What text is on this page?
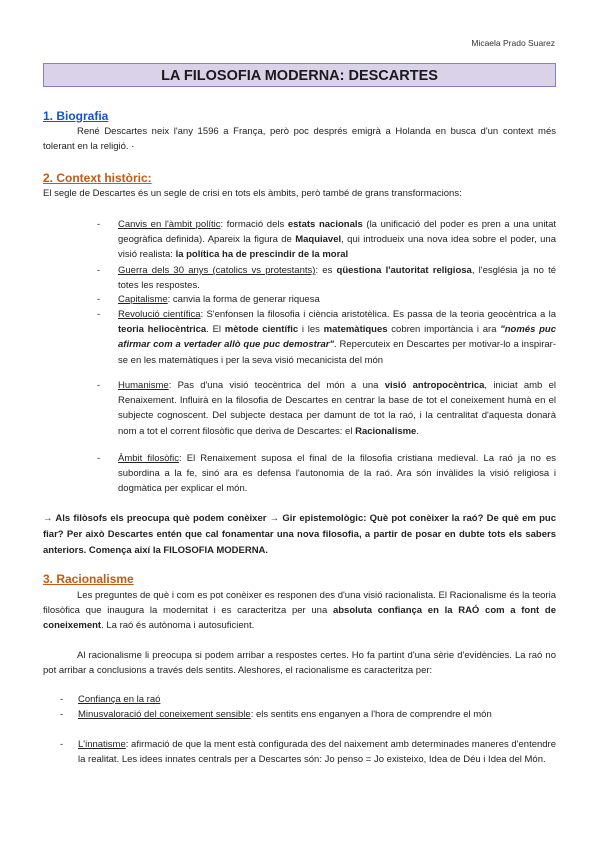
Micaela Prado Suarez
LA FILOSOFIA MODERNA: DESCARTES
1. Biografia

René Descartes neix l'any 1596 a França, però poc després emigrà a Holanda en busca d'un context més tolerant en la religió. ·

2. Context històric:

El segle de Descartes és un segle de crisi en tots els àmbits, però també de grans transformacions:

- Canvis en l'àmbit polític: formació dels estats nacionals (la unificació del poder es pren a una unitat geogràfica definida). Apareix la figura de Maquiavel, qui introdueix una nova idea sobre el poder, una visió realista: la política ha de prescindir de la moral
- Guerra dels 30 anys (catolics vs protestants): es qüestiona l'autoritat religiosa, l'església ja no té totes les respostes.
- Capitalisme: canvia la forma de generar riquesa
- Revolució científica: S'enfonsen la filosofia i ciència aristotèlica. Es passa de la teoria geocèntrica a la teoria heliocèntrica. El mètode científic i les matemàtiques cobren importància i ara "només puc afirmar com a vertader allò que puc demostrar". Repercuteix en Descartes per motivar-lo a inspirar-se en les matemàtiques i per la seva visió mecanicista del món
- Humanisme: Pas d'una visió teocèntrica del món a una visió antropocèntrica, iniciat amb el Renaixement. Influirà en la filosofia de Descartes en centrar la base de tot el coneixement humà en el subjecte cognoscent. Del subjecte destaca per damunt de tot la raó, i la centralitat d'aquesta donarà nom a tot el corrent filosòfic que deriva de Descartes: el Racionalisme.
- Àmbit filosòfic: El Renaixement suposa el final de la filosofia cristiana medieval. La raó ja no es subordina a la fe, sinó ara es defensa l'autonomia de la raó. Ara són invàlides la visió religiosa i dogmàtica per explicar el món.

→ Als filòsofs els preocupa què podem conèixer → Gir epistemològic: Què pot conèixer la raó? De què em puc fiar? Per això Descartes entén que cal fonamentar una nova filosofia, a partir de posar en dubte tots els sabers anteriors. Comença així la FILOSOFIA MODERNA.

3. Racionalisme
Les preguntes de què i com es pot conèixer es responen des d'una visió racionalista. El Racionalisme és la teoria filosòfica que inaugura la modernitat i es caracteritza per una absoluta confiança en la RAÓ com a font de coneixement. La raó és autònoma i autosuficient.

Al racionalisme li preocupa si podem arribar a respostes certes. Ho fa partint d'una sèrie d'evidències. La raó no pot arribar a conclusions a través dels sentits. Aleshores, el racionalisme es caracteritza per:

- Confiança en la raó
- Minusvaloració del coneixement sensible: els sentits ens enganyen a l'hora de comprendre el món
- L'innatisme: afirmació de que la ment està configurada des del naixement amb determinades maneres d'entendre la realitat. Les idees innates centrals per a Descartes són: Jo penso = Jo existeixo, Idea de Déu i Idea del Món.
